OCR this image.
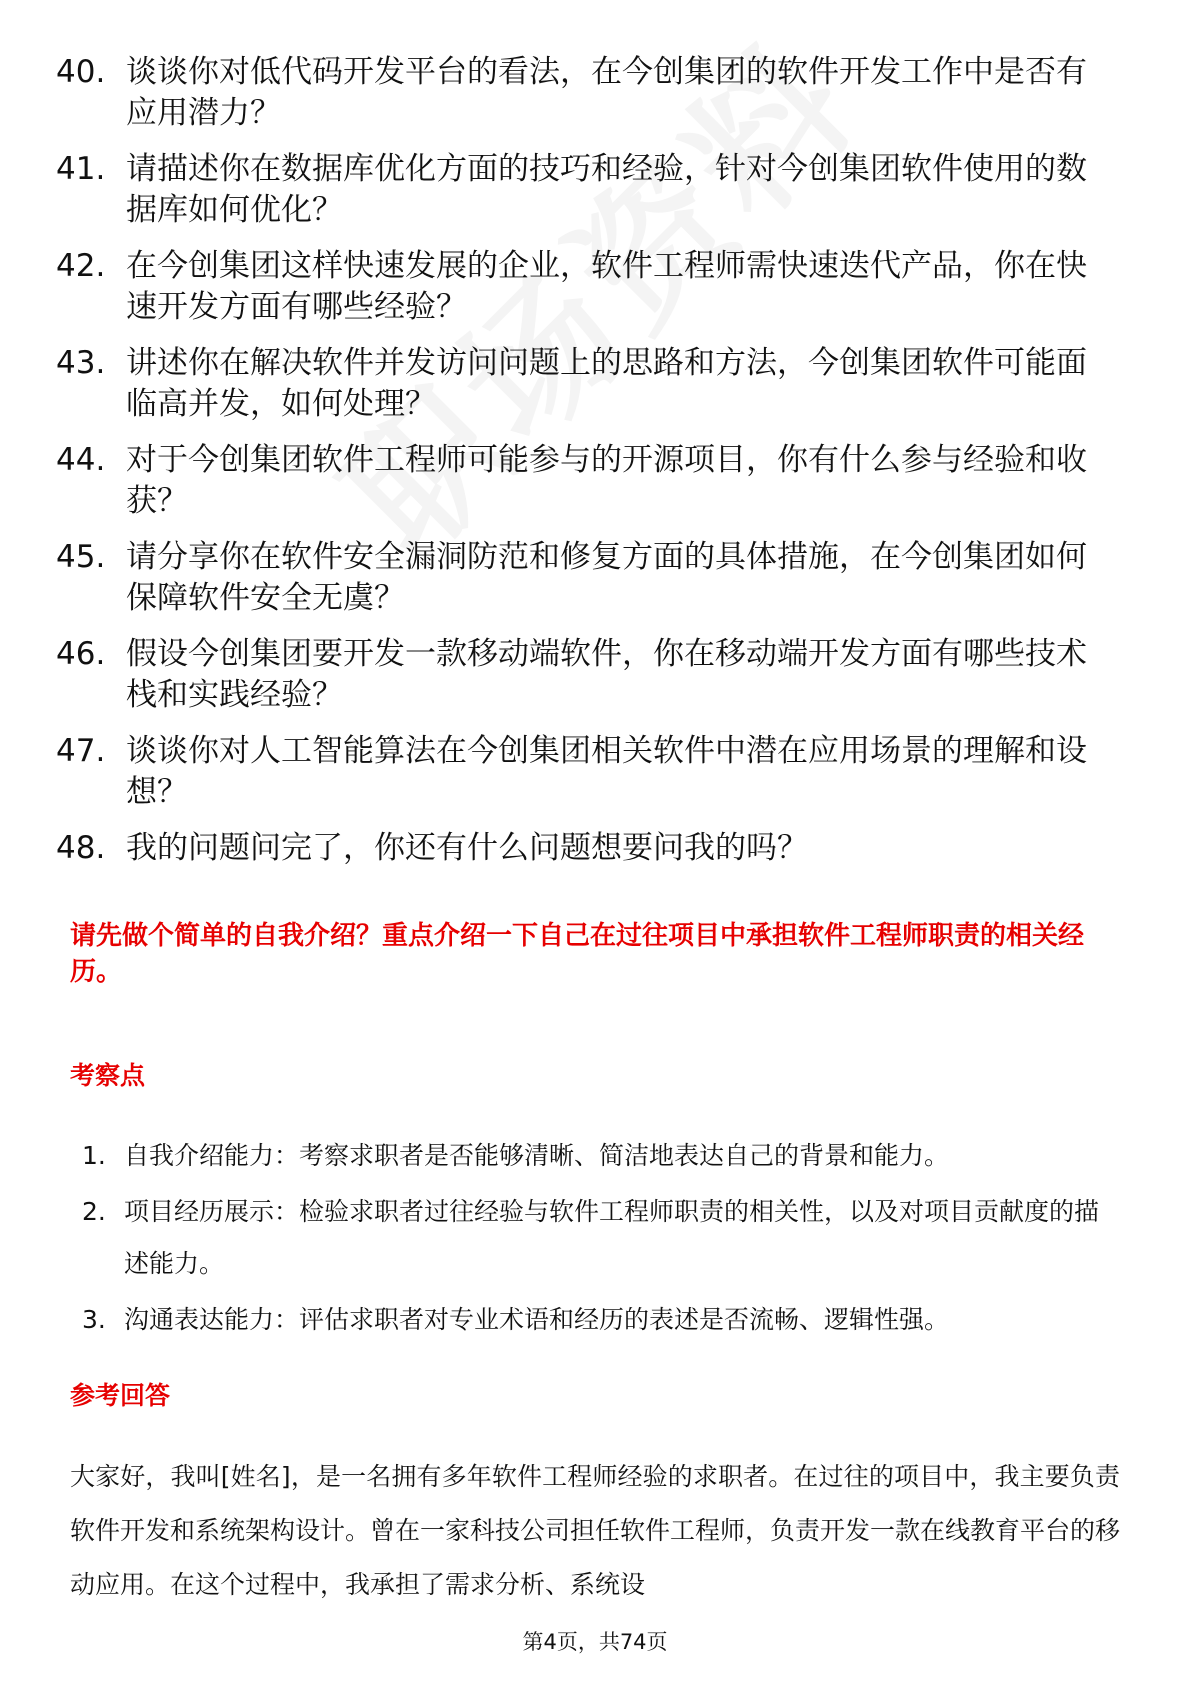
40. 谈谈你对低代码开发平台的看法，在今创集团的软件开发工作中是否有应用潜力？
41. 请描述你在数据库优化方面的技巧和经验，针对今创集团软件使用的数据库如何优化？
42. 在今创集团这样快速发展的企业，软件工程师需快速迭代产品，你在快速开发方面有哪些经验？
43. 讲述你在解决软件并发访问问题上的思路和方法，今创集团软件可能面临高并发，如何处理？
44. 对于今创集团软件工程师可能参与的开源项目，你有什么参与经验和收获？
45. 请分享你在软件安全漏洞防范和修复方面的具体措施，在今创集团如何保障软件安全无虞？
46. 假设今创集团要开发一款移动端软件，你在移动端开发方面有哪些技术栈和实践经验？
47. 谈谈你对人工智能算法在今创集团相关软件中潜在应用场景的理解和设想？
48. 我的问题问完了，你还有什么问题想要问我的吗？
请先做个简单的自我介绍？重点介绍一下自己在过往项目中承担软件工程师职责的相关经历。
考察点
1. 自我介绍能力：考察求职者是否能够清晰、简洁地表达自己的背景和能力。
2. 项目经历展示：检验求职者过往经验与软件工程师职责的相关性，以及对项目贡献度的描述能力。
3. 沟通表达能力：评估求职者对专业术语和经历的表述是否流畅、逻辑性强。
参考回答

大家好，我叫[姓名]，是一名拥有多年软件工程师经验的求职者。在过往的项目中，我主要负责软件开发和系统架构设计。曾在一家科技公司担任软件工程师，负责开发一款在线教育平台的移动应用。在这个过程中，我承担了需求分析、系统设

第4页，共74页
